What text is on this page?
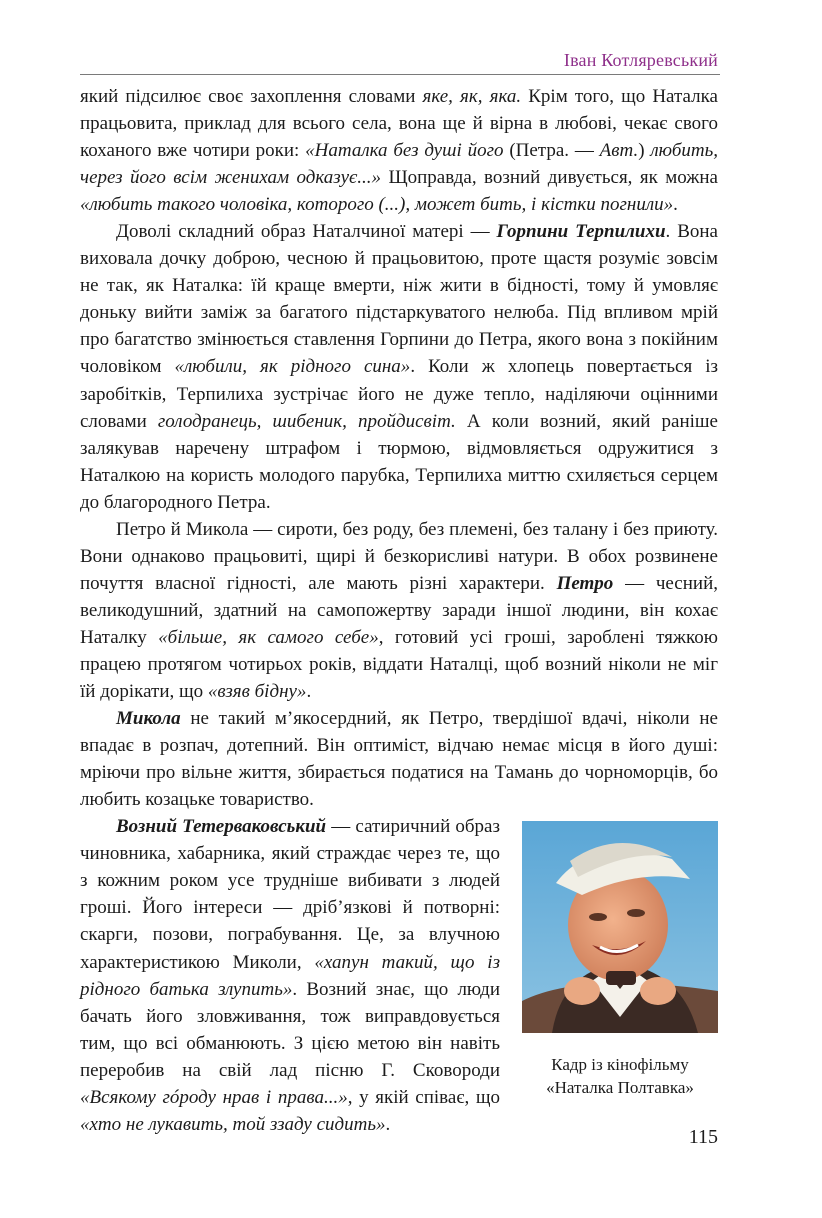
Іван Котляревський

який підсилює своє захоплення словами яке, як, яка. Крім того, що Наталка працьовита, приклад для всього села, вона ще й вірна в любові, чекає свого коханого вже чотири роки: «Наталка без душі його (Петра. — Авт.) любить, через його всім женихам одказує...» Щоправда, возний дивується, як можна «любить такого чоловіка, которого (...), может бить, і кістки погнили».

Доволі складний образ Наталчиної матері — Горпини Терпилихи. Вона виховала дочку доброю, чесною й працьовитою, проте щастя розуміє зовсім не так, як Наталка: їй краще вмерти, ніж жити в бідності, тому й умовляє доньку вийти заміж за багатого підстаркуватого нелюба. Під впливом мрій про багатство змінюється ставлення Горпини до Петра, якого вона з покійним чоловіком «любили, як рідного сина». Коли ж хлопець повертається із заробітків, Терпилиха зустрічає його не дуже тепло, наділяючи оцінними словами голодранець, шибеник, пройдисвіт. А коли возний, який раніше залякував наречену штрафом і тюрмою, відмовляється одружитися з Наталкою на користь молодого парубка, Терпилиха миттю схиляється серцем до благородного Петра.

Петро й Микола — сироти, без роду, без племені, без талану і без приюту. Вони однаково працьовиті, щирі й безкорисливі натури. В обох розвинене почуття власної гідності, але мають різні характери. Петро — чесний, великодушний, здатний на самопожертву заради іншої людини, він кохає Наталку «більше, як самого себе», готовий усі гроші, зароблені тяжкою працею протягом чотирьох років, віддати Наталці, щоб возний ніколи не міг їй дорікати, що «взяв бідну».

Микола не такий м’якосердний, як Петро, твердішої вдачі, ніколи не впадає в розпач, дотепний. Він оптиміст, відчаю немає місця в його душі: мріючи про вільне життя, збирається податися на Тамань до чорноморців, бо любить козацьке товариство.

Возний Тетерваковський — сатиричний образ чиновника, хабарника, який страждає через те, що з кожним роком усе трудніше вибивати з людей гроші. Його інтереси — дріб’язкові й потворні: скарги, позови, пограбування. Це, за влучною характеристикою Миколи, «хапун такий, що із рідного батька злупить». Возний знає, що люди бачать його зловживання, тож виправдовується тим, що всі обманюють. З цією метою він навіть переробив на свій лад пісню Г. Сковороди «Всякому гóроду нрав і права...», у якій співає, що «хто не лукавить, той ззаду сидить».

Кадр із кінофільму
«Наталка Полтавка»
115
